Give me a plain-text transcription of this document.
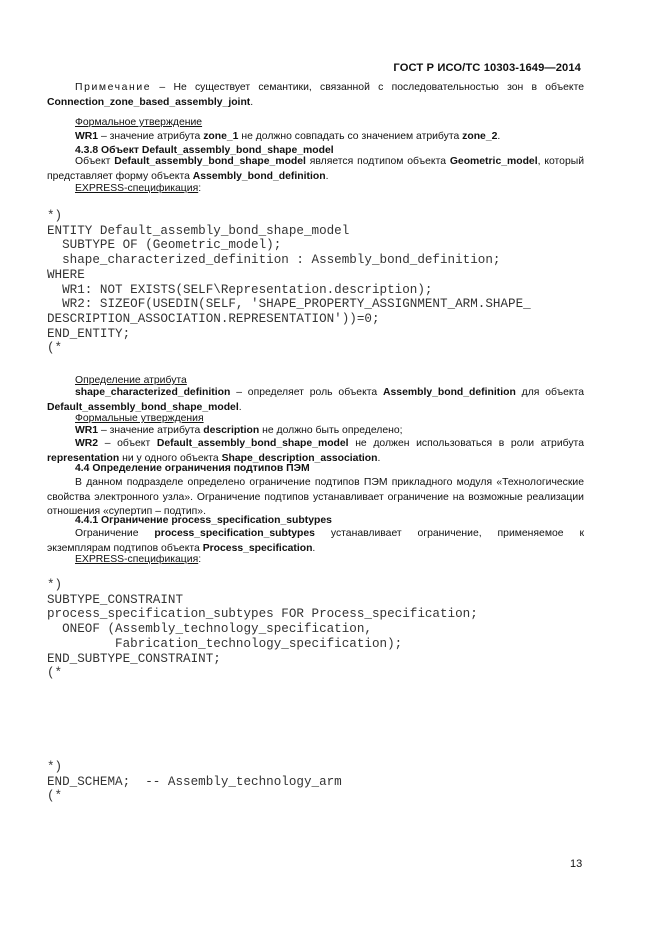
ГОСТ Р ИСО/ТС 10303-1649—2014

Примечание – Не существует семантики, связанной с последовательностью зон в объекте Connection_zone_based_assembly_joint.

Формальное утверждение

WR1 – значение атрибута zone_1 не должно совпадать со значением атрибута zone_2.

4.3.8 Объект Default_assembly_bond_shape_model

Объект Default_assembly_bond_shape_model является подтипом объекта Geometric_model, который представляет форму объекта Assembly_bond_definition.

EXPRESS-спецификация:

*)
ENTITY Default_assembly_bond_shape_model
SUBTYPE OF (Geometric_model);
shape_characterized_definition : Assembly_bond_definition;
WHERE
WR1: NOT EXISTS(SELF\Representation.description);
WR2: SIZEOF(USEDIN(SELF, 'SHAPE_PROPERTY_ASSIGNMENT_ARM.SHAPE_
DESCRIPTION_ASSOCIATION.REPRESENTATION'))=0;
END_ENTITY;
(*

Определение атрибута

shape_characterized_definition – определяет роль объекта Assembly_bond_definition для объекта Default_assembly_bond_shape_model.

Формальные утверждения

WR1 – значение атрибута description не должно быть определено;

WR2 – объект Default_assembly_bond_shape_model не должен использоваться в роли атрибута representation ни у одного объекта Shape_description_association.

4.4 Определение ограничения подтипов ПЭМ

В данном подразделе определено ограничение подтипов ПЭМ прикладного модуля «Технологические свойства электронного узла». Ограничение подтипов устанавливает ограничение на возможные реализации отношения «супертип – подтип».

4.4.1 Ограничение process_specification_subtypes

Ограничение process_specification_subtypes устанавливает ограничение, применяемое к экземплярам подтипов объекта Process_specification.

EXPRESS-спецификация:

*)
SUBTYPE_CONSTRAINT
process_specification_subtypes FOR Process_specification;
ONEOF (Assembly_technology_specification,
Fabrication_technology_specification);
END_SUBTYPE_CONSTRAINT;
(*
*)
END_SCHEMA;  -- Assembly_technology_arm
(*
13
